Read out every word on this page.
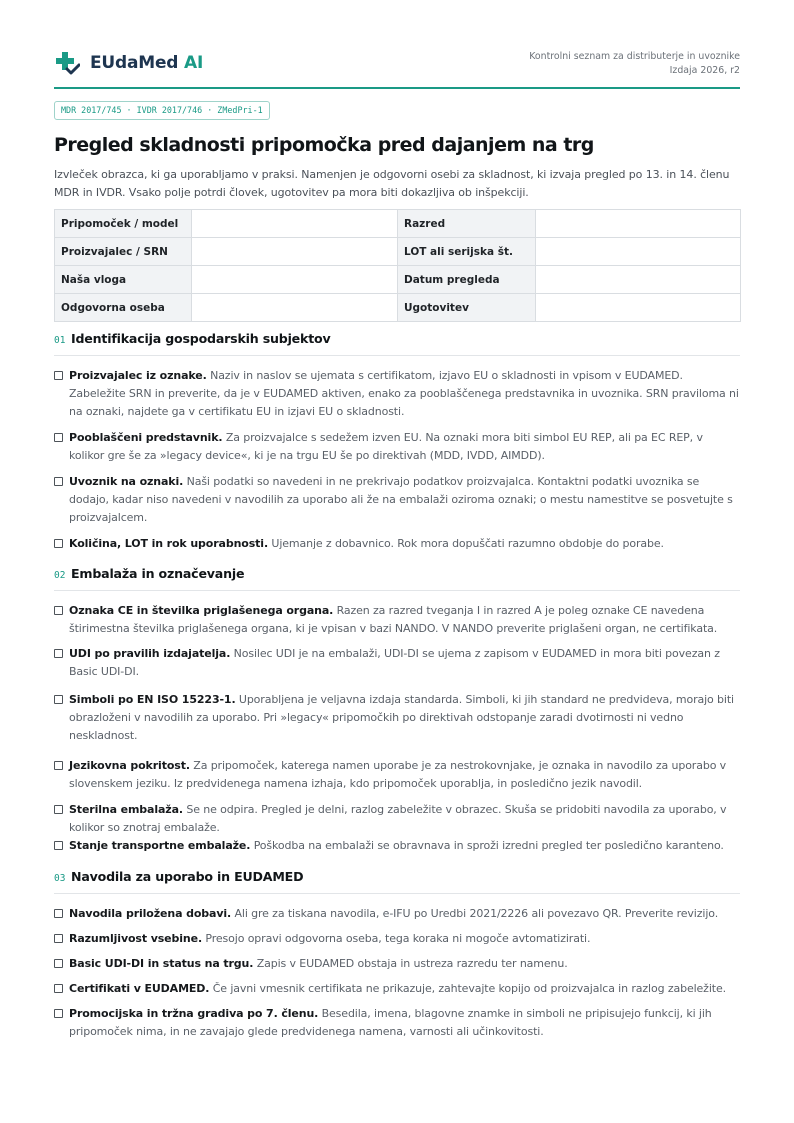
EUdaMed AI	Kontrolni seznam za distributerje in uvoznike
Izdaja 2026, r2
MDR 2017/745 · IVDR 2017/746 · ZMedPri-1
Pregled skladnosti pripomočka pred dajanjem na trg

Izvleček obrazca, ki ga uporabljamo v praksi. Namenjen je odgovorni osebi za skladnost, ki izvaja pregled po 13. in 14. členu MDR in IVDR. Vsako polje potrdi človek, ugotovitev pa mora biti dokazljiva ob inšpekciji.

Pripomoček / model		Razred	
Proizvajalec / SRN		LOT ali serijska št.	
Naša vloga		Datum pregleda	
Odgovorna oseba		Ugotovitev	
01 Identifikacija gospodarskih subjektov
Proizvajalec iz oznake. Naziv in naslov se ujemata s certifikatom, izjavo EU o skladnosti in vpisom v EUDAMED. Zabeležite SRN in preverite, da je v EUDAMED aktiven, enako za pooblaščenega predstavnika in uvoznika. SRN praviloma ni na oznaki, najdete ga v certifikatu EU in izjavi EU o skladnosti.
Pooblaščeni predstavnik. Za proizvajalce s sedežem izven EU. Na oznaki mora biti simbol EU REP, ali pa EC REP, v kolikor gre še za »legacy device«, ki je na trgu EU še po direktivah (MDD, IVDD, AIMDD).
Uvoznik na oznaki. Naši podatki so navedeni in ne prekrivajo podatkov proizvajalca. Kontaktni podatki uvoznika se dodajo, kadar niso navedeni v navodilih za uporabo ali že na embalaži oziroma oznaki; o mestu namestitve se posvetujte s proizvajalcem.
Količina, LOT in rok uporabnosti. Ujemanje z dobavnico. Rok mora dopuščati razumno obdobje do porabe.
02 Embalaža in označevanje
Oznaka CE in številka priglašenega organa. Razen za razred tveganja I in razred A je poleg oznake CE navedena štirimestna številka priglašenega organa, ki je vpisan v bazi NANDO. V NANDO preverite priglašeni organ, ne certifikata.
UDI po pravilih izdajatelja. Nosilec UDI je na embalaži, UDI-DI se ujema z zapisom v EUDAMED in mora biti povezan z Basic UDI-DI.
Simboli po EN ISO 15223-1. Uporabljena je veljavna izdaja standarda. Simboli, ki jih standard ne predvideva, morajo biti obrazloženi v navodilih za uporabo. Pri »legacy« pripomočkih po direktivah odstopanje zaradi dvotirnosti ni vedno neskladnost.
Jezikovna pokritost. Za pripomoček, katerega namen uporabe je za nestrokovnjake, je oznaka in navodilo za uporabo v slovenskem jeziku. Iz predvidenega namena izhaja, kdo pripomoček uporablja, in posledično jezik navodil.
Sterilna embalaža. Se ne odpira. Pregled je delni, razlog zabeležite v obrazec. Skuša se pridobiti navodila za uporabo, v kolikor so znotraj embalaže.
Stanje transportne embalaže. Poškodba na embalaži se obravnava in sproži izredni pregled ter posledično karanteno.
03 Navodila za uporabo in EUDAMED
Navodila priložena dobavi. Ali gre za tiskana navodila, e-IFU po Uredbi 2021/2226 ali povezavo QR. Preverite revizijo.
Razumljivost vsebine. Presojo opravi odgovorna oseba, tega koraka ni mogoče avtomatizirati.
Basic UDI-DI in status na trgu. Zapis v EUDAMED obstaja in ustreza razredu ter namenu.
Certifikati v EUDAMED. Če javni vmesnik certifikata ne prikazuje, zahtevajte kopijo od proizvajalca in razlog zabeležite.
Promocijska in tržna gradiva po 7. členu. Besedila, imena, blagovne znamke in simboli ne pripisujejo funkcij, ki jih pripomoček nima, in ne zavajajo glede predvidenega namena, varnosti ali učinkovitosti.
